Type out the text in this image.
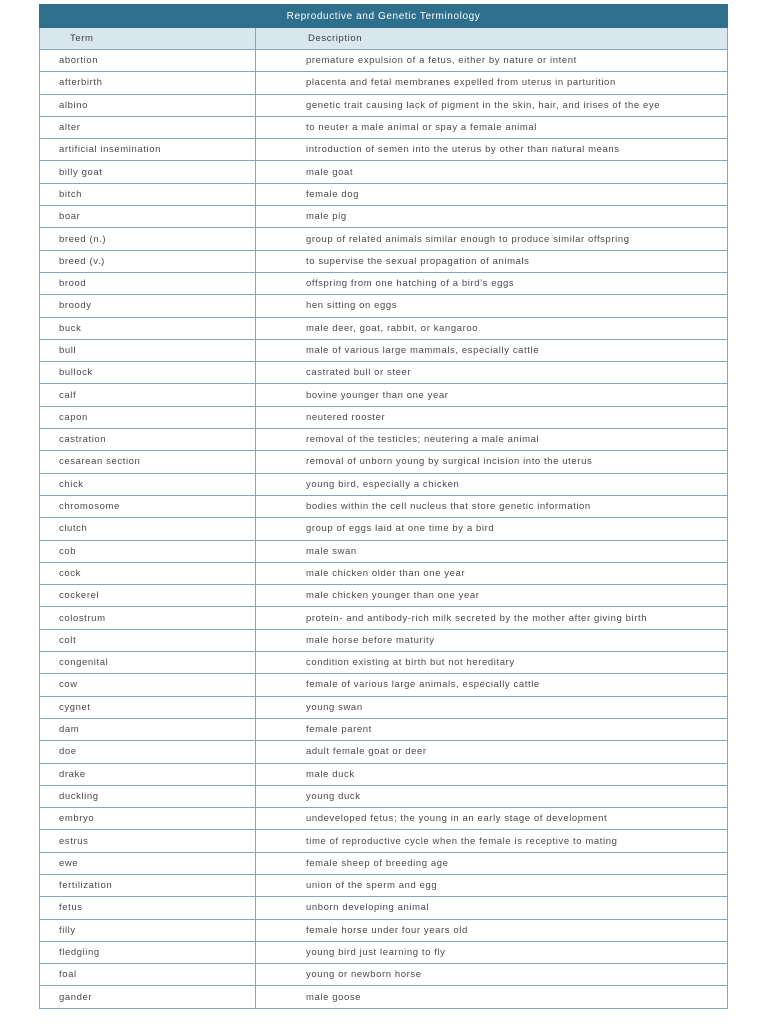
Reproductive and Genetic Terminology	
Term	Description
abortion	premature expulsion of a fetus, either by nature or intent
afterbirth	placenta and fetal membranes expelled from uterus in parturition
albino	genetic trait causing lack of pigment in the skin, hair, and irises of the eye
alter	to neuter a male animal or spay a female animal
artificial insemination	introduction of semen into the uterus by other than natural means
billy goat	male goat
bitch	female dog
boar	male pig
breed (n.)	group of related animals similar enough to produce similar offspring
breed (v.)	to supervise the sexual propagation of animals
brood	offspring from one hatching of a bird’s eggs
broody	hen sitting on eggs
buck	male deer, goat, rabbit, or kangaroo
bull	male of various large mammals, especially cattle
bullock	castrated bull or steer
calf	bovine younger than one year
capon	neutered rooster
castration	removal of the testicles; neutering a male animal
cesarean section	removal of unborn young by surgical incision into the uterus
chick	young bird, especially a chicken
chromosome	bodies within the cell nucleus that store genetic information
clutch	group of eggs laid at one time by a bird
cob	male swan
cock	male chicken older than one year
cockerel	male chicken younger than one year
colostrum	protein- and antibody-rich milk secreted by the mother after giving birth
colt	male horse before maturity
congenital	condition existing at birth but not hereditary
cow	female of various large animals, especially cattle
cygnet	young swan
dam	female parent
doe	adult female goat or deer
drake	male duck
duckling	young duck
embryo	undeveloped fetus; the young in an early stage of development
estrus	time of reproductive cycle when the female is receptive to mating
ewe	female sheep of breeding age
fertilization	union of the sperm and egg
fetus	unborn developing animal
filly	female horse under four years old
fledgling	young bird just learning to fly
foal	young or newborn horse
gander	male goose
